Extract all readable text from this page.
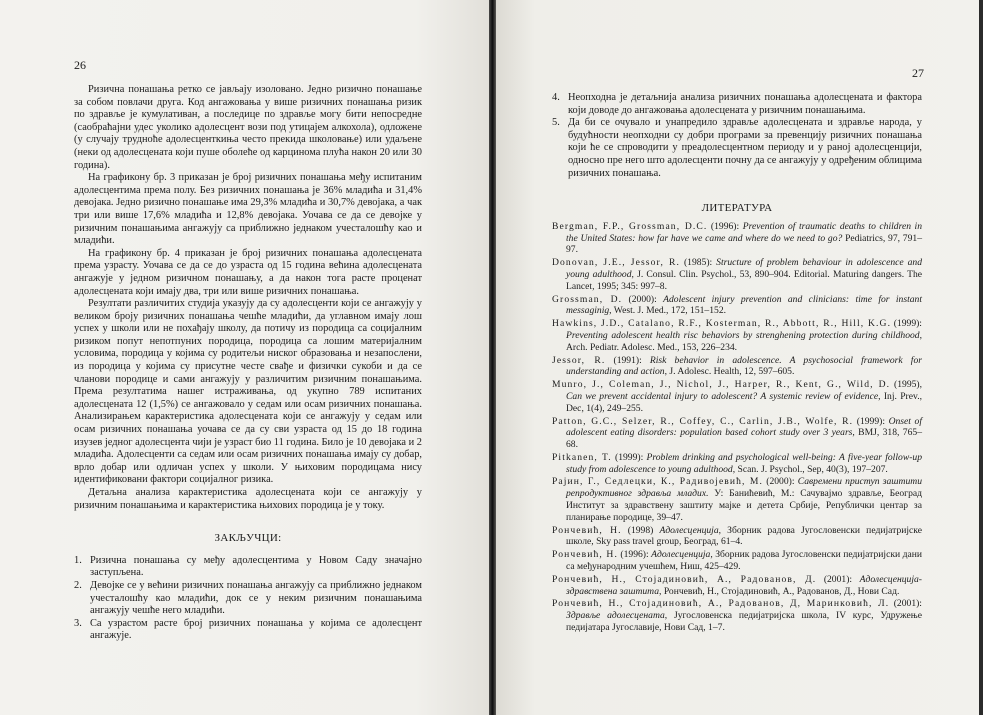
26

Ризична понашања ретко се јављају изоловано. Једно ризично понашање за собом повлачи друга. Код ангажовања у више ризичних понашања ризик по здравље је кумулативан, а последице по здравље могу бити непосредне (саобраћајни удес уколико адолесцент вози под утицајем алкохола), одложене (у случају трудноће адолесценткиња често прекида школовање) или удаљене (неки од адолесцената који пуше оболеће од карцинома плућа након 20 или 30 година).

На графикону бр. 3 приказан је број ризичних понашања међу испитаним адолесцентима према полу. Без ризичних понашања је 36% младића и 31,4% девојака. Једно ризично понашање има 29,3% младића и 30,7% девојака, а чак три или више 17,6% младића и 12,8% девојака. Уочава се да се девојке у ризичним понашањима ангажују са приближно једнаком учесталошћу као и младићи.

На графикону бр. 4 приказан је број ризичних понашања адолесцената према узрасту. Уочава се да се до узраста од 15 година већина адолесцената ангажује у једном ризичном понашању, а да након тога расте проценат адолесцената који имају два, три или више ризичних понашања.

Резултати различитих студија указују да су адолесценти који се ангажују у великом броју ризичних понашања чешће младићи, да углавном имају лош успех у школи или не похађају школу, да потичу из породица са социјалним ризиком попут непотпуних породица, породица са лошим материјалним условима, породица у којима су родитељи ниског образовања и незапослени, из породица у којима су присутне честе свађе и физички сукоби и да се чланови породице и сами ангажују у различитим ризичним понашањима. Према резултатима нашег истраживања, од укупно 789 испитаних адолесцената 12 (1,5%) се ангажовало у седам или осам ризичних понашања. Анализирањем карактеристика адолесцената који се ангажују у седам или осам ризичних понашања уочава се да су сви узраста од 15 до 18 година изузев једног адолесцента чији је узраст био 11 година. Било је 10 девојака и 2 младића. Адолесценти са седам или осам ризичних понашања имају су добар, врло добар или одличан успех у школи. У њиховим породицама нису идентификовани фактори социјалног ризика.

Детаљна анализа карактеристика адолесцената који се ангажују у ризичним понашањима и карактеристика њихових породица је у току.

ЗАКЉУЧЦИ:
1. Ризична понашања су међу адолесцентима у Новом Саду значајно заступљена.
2. Девојке се у већини ризичних понашања ангажују са приближно једнаком учесталошћу као младићи, док се у неким ризичним понашањима ангажују чешће него младићи.
3. Са узрастом расте број ризичних понашања у којима се адолесцент ангажује.
27
4. Неопходна је детаљнија анализа ризичних понашања адолесцената и фактора који доводе до ангажовања адолесцената у ризичним понашањима.
5. Да би се очувало и унапредило здравље адолесцената и здравље народа, у будућности неопходни су добри програми за превенцију ризичних понашања који ће се спроводити у преадолесцентном периоду и у раној адолесценцији, односно пре него што адолесценти почну да се ангажују у одређеним облицима ризичних понашања.
ЛИТЕРАТУРА
Bergman, F.P., Grossman, D.C. (1996): Prevention of traumatic deaths to children in the United States: how far have we came and where do we need to go? Pediatrics, 97, 791–97.
Donovan, J.E., Jessor, R. (1985): Structure of problem behaviour in adolescence and young adulthood, J. Consul. Clin. Psychol., 53, 890–904. Editorial. Maturing dangers. The Lancet, 1995; 345: 997–8.
Grossman, D. (2000): Adolescent injury prevention and clinicians: time for instant messaginig, West. J. Med., 172, 151–152.
Hawkins, J.D., Catalano, R.F., Kosterman, R., Abbott, R., Hill, K.G. (1999): Preventing adolescent health risc behaviors by strenghening protection during childhood, Arch. Pediatr. Adolesc. Med., 153, 226–234.
Jessor, R. (1991): Risk behavior in adolescence. A psychosocial framework for understanding and action, J. Adolesc. Health, 12, 597–605.
Munro, J., Coleman, J., Nichol, J., Harper, R., Kent, G., Wild, D. (1995), Can we prevent accidental injury to adolescent? A systemic review of evidence, Inj. Prev., Dec, 1(4), 249–255.
Patton, G.C., Selzer, R., Coffey, C., Carlin, J.B., Wolfe, R. (1999): Onset of adolescent eating disorders: population based cohort study over 3 years, BMJ, 318, 765–68.
Pitkanen, T. (1999): Problem drinking and psychological well-being: A five-year follow-up study from adolescence to young adulthood, Scan. J. Psychol., Sep, 40(3), 197–207.
Рајин, Г., Седлецки, К., Радивојевић, М. (2000): Савремени приступ заштити репродуктивног здравља младих. У: Банићевић, М.: Сачувајмо здравље, Београд Институт за здравствену заштиту мајке и детета Србије, Републички центар за планирање породице, 39–47.
Рончевић, Н. (1998) Адолесценција, Зборник радова Југословенски педијатријске школе, Sky pass travel group, Београд, 61–4.
Рончевић, Н. (1996): Адолесценција, Зборник радова Југословенски педијатријски дани са међународним учешћем, Ниш, 425–429.
Рончевић, Н., Стојадиновић, А., Радованов, Д. (2001): Адолесценција-здравствена заштита, Рончевић, Н., Стојадиновић, А., Радованов, Д., Нови Сад.
Рончевић, Н., Стојадиновић, А., Радованов, Д, Маринковић, Л. (2001): Здравље адолесцената, Југословенска педијатријска школа, IV курс, Удружење педијатара Југославије, Нови Сад, 1–7.
